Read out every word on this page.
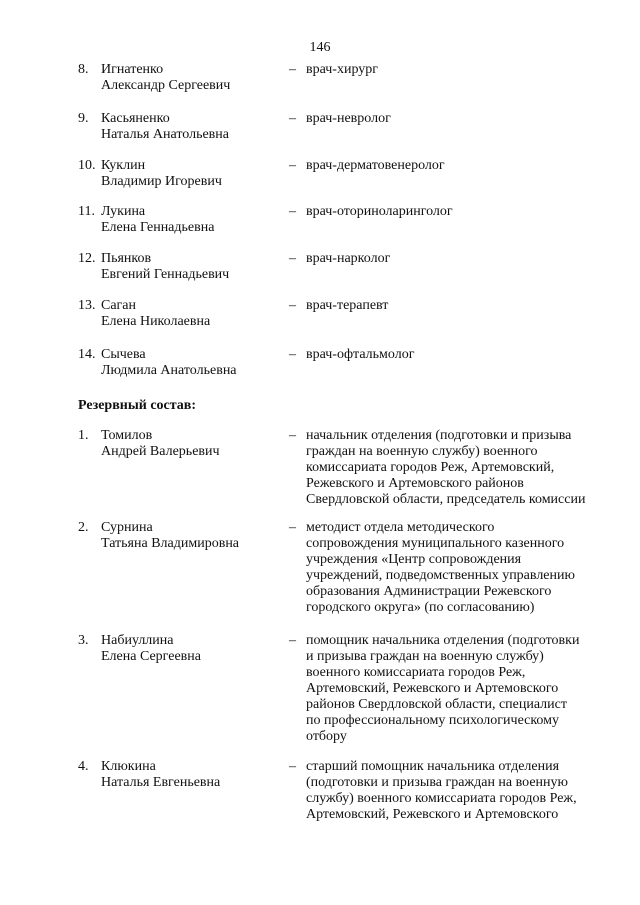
146
8. Игнатенко
Александр Сергеевич
– врач-хирург
9. Касьяненко
Наталья Анатольевна
– врач-невролог
10. Куклин
Владимир Игоревич
– врач-дерматовенеролог
11. Лукина
Елена Геннадьевна
– врач-оториноларинголог
12. Пьянков
Евгений Геннадьевич
– врач-нарколог
13. Саган
Елена Николаевна
– врач-терапевт
14. Сычева
Людмила Анатольевна
– врач-офтальмолог
Резервный состав:
1. Томилов
Андрей Валерьевич
– начальник отделения (подготовки и призыва
граждан на военную службу) военного
комиссариата городов Реж, Артемовский,
Режевского и Артемовского районов
Свердловской области, председатель комиссии
2. Сурнина
Татьяна Владимировна
– методист отдела методического
сопровождения муниципального казенного
учреждения «Центр сопровождения
учреждений, подведомственных управлению
образования Администрации Режевского
городского округа» (по согласованию)
3. Набиуллина
Елена Сергеевна
– помощник начальника отделения (подготовки
и призыва граждан на военную службу)
военного комиссариата городов Реж,
Артемовский, Режевского и Артемовского
районов Свердловской области, специалист
по профессиональному психологическому
отбору
4. Клюкина
Наталья Евгеньевна
– старший помощник начальника отделения
(подготовки и призыва граждан на военную
службу) военного комиссариата городов Реж,
Артемовский, Режевского и Артемовского
